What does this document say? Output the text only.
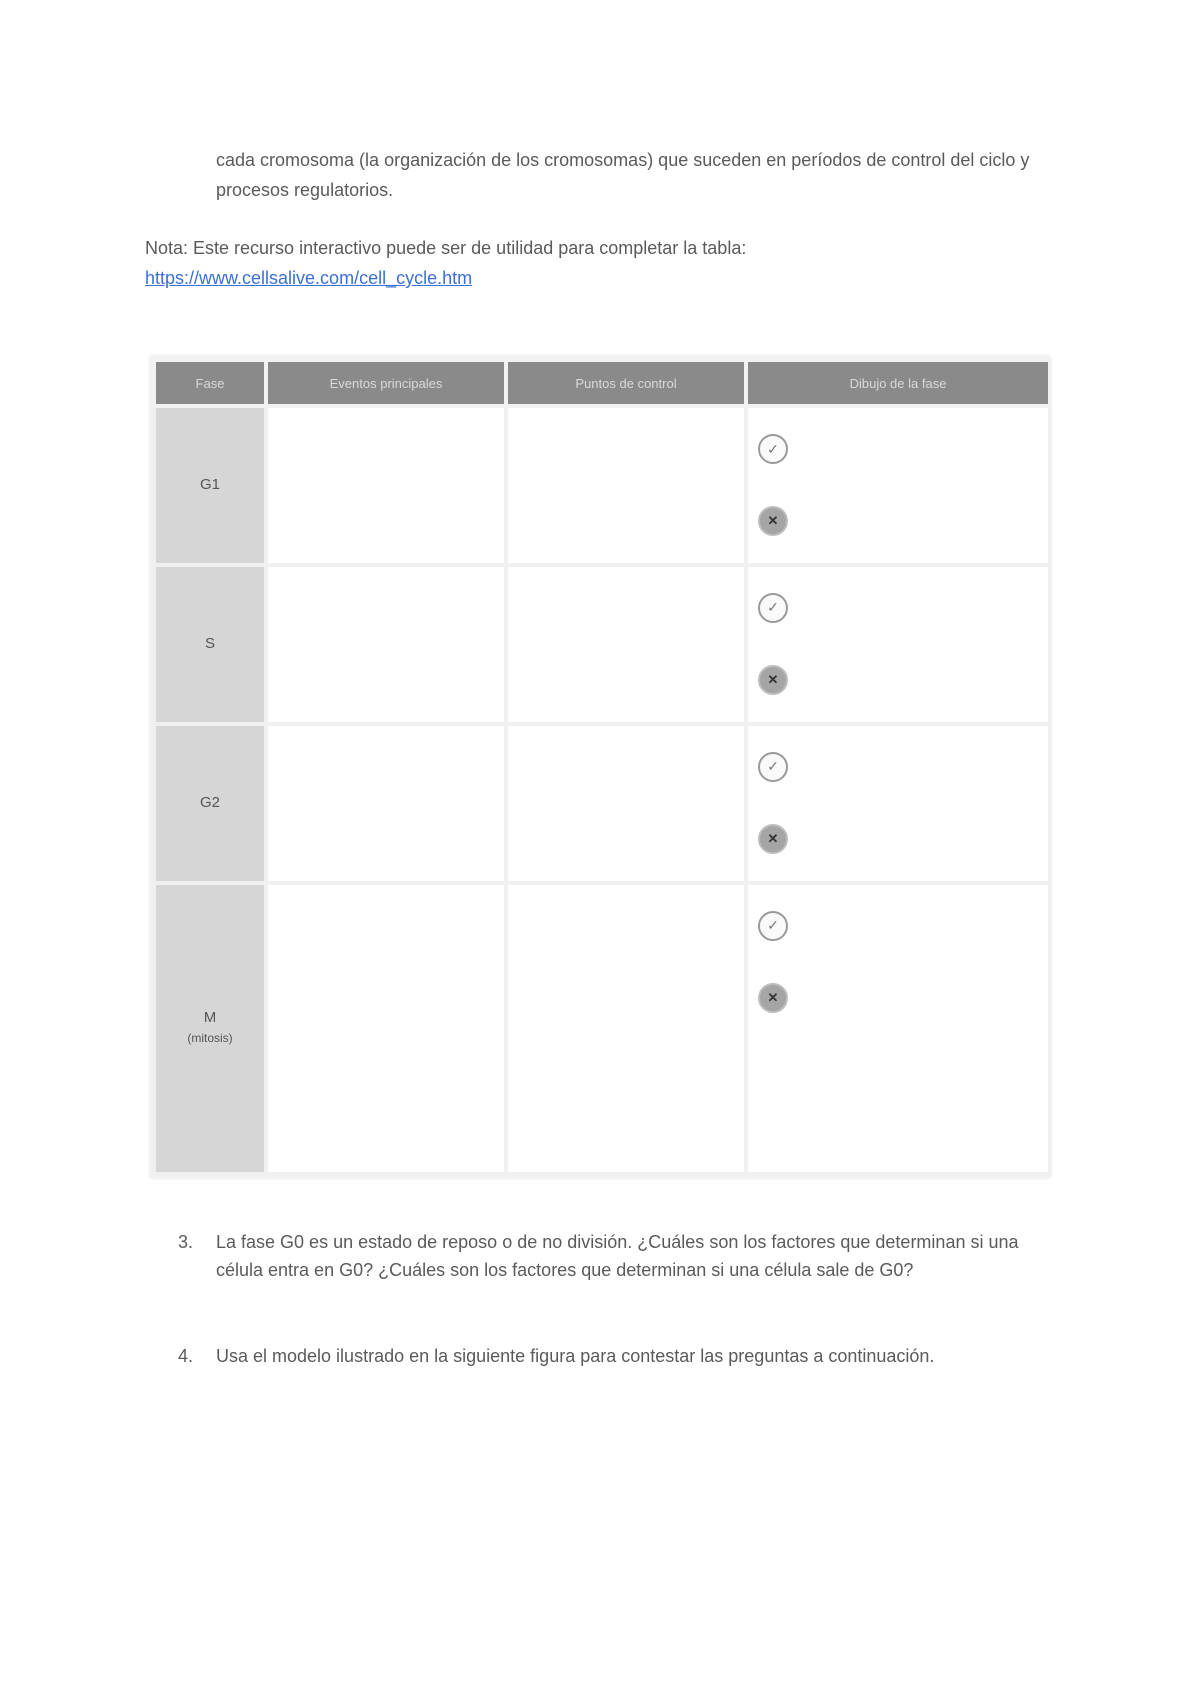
cada cromosoma (la organización de los cromosomas) que suceden en períodos de control del ciclo y procesos regulatorios.
Nota: Este recurso interactivo puede ser de utilidad para completar la tabla:
https://www.cellsalive.com/cell_cycle.htm
Fase	Eventos principales	Puntos de control	Dibujo de la fase
G1			✓
✕

S			✓
✕

G2			✓
✕

M
(mitosis)			✓
✕
3. La fase G0 es un estado de reposo o de no división. ¿Cuáles son los factores que determinan si una célula entra en G0? ¿Cuáles son los factores que determinan si una célula sale de G0?
4. Usa el modelo ilustrado en la siguiente figura para contestar las preguntas a continuación.
